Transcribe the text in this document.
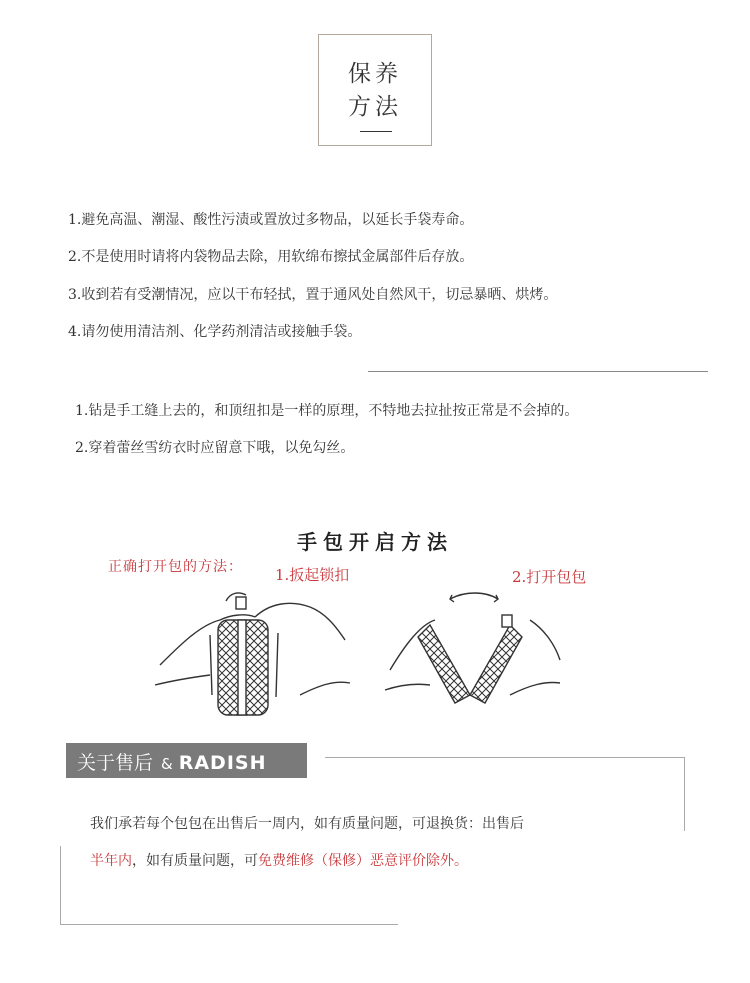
保养
方法
1.避免高温、潮湿、酸性污渍或置放过多物品，以延长手袋寿命。
2.不是使用时请将内袋物品去除，用软绵布擦拭金属部件后存放。
3.收到若有受潮情况，应以干布轻拭，置于通风处自然风干，切忌暴晒、烘烤。
4.请勿使用清洁剂、化学药剂清洁或接触手袋。
1.钻是手工缝上去的，和顶纽扣是一样的原理，不特地去拉扯按正常是不会掉的。
2.穿着蕾丝雪纺衣时应留意下哦，以免勾丝。
手包开启方法
正确打开包的方法： 1.扳起锁扣	2.打开包包
关于售后 & RADISH
我们承若每个包包在出售后一周内，如有质量问题，可退换货：出售后
半年内，如有质量问题，可免费维修（保修）恶意评价除外。
